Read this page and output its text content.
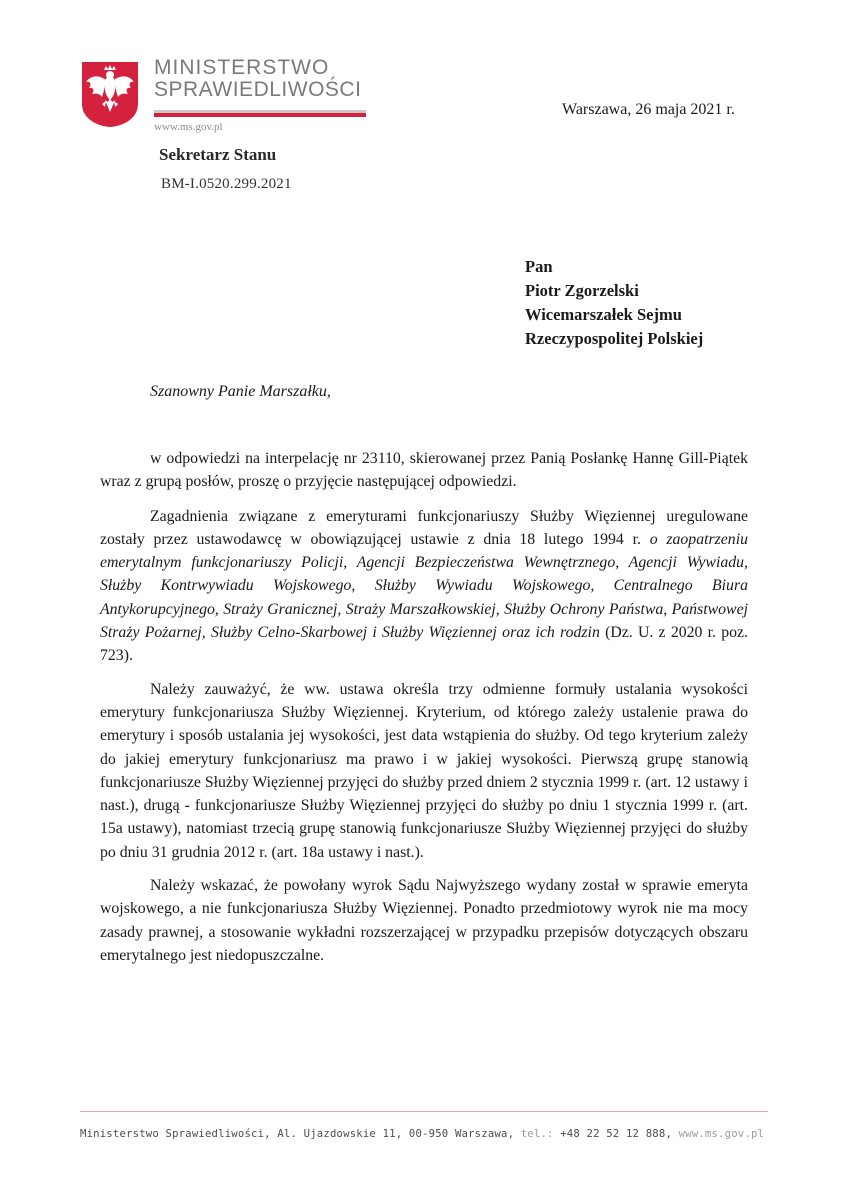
MINISTERSTWO
SPRAWIEDLIWOŚCI
www.ms.gov.pl
Warszawa, 26 maja 2021 r.
Sekretarz Stanu
BM-I.0520.299.2021
Pan
Piotr Zgorzelski
Wicemarszałek Sejmu
Rzeczypospolitej Polskiej
Szanowny Panie Marszałku,

w odpowiedzi na interpelację nr 23110, skierowanej przez Panią Posłankę Hannę Gill-Piątek wraz z grupą posłów, proszę o przyjęcie następującej odpowiedzi.

Zagadnienia związane z emeryturami funkcjonariuszy Służby Więziennej uregulowane zostały przez ustawodawcę w obowiązującej ustawie z dnia 18 lutego 1994 r. o zaopatrzeniu emerytalnym funkcjonariuszy Policji, Agencji Bezpieczeństwa Wewnętrznego, Agencji Wywiadu, Służby Kontrwywiadu Wojskowego, Służby Wywiadu Wojskowego, Centralnego Biura Antykorupcyjnego, Straży Granicznej, Straży Marszałkowskiej, Służby Ochrony Państwa, Państwowej Straży Pożarnej, Służby Celno-Skarbowej i Służby Więziennej oraz ich rodzin (Dz. U. z 2020 r. poz. 723).

Należy zauważyć, że ww. ustawa określa trzy odmienne formuły ustalania wysokości emerytury funkcjonariusza Służby Więziennej. Kryterium, od którego zależy ustalenie prawa do emerytury i sposób ustalania jej wysokości, jest data wstąpienia do służby. Od tego kryterium zależy do jakiej emerytury funkcjonariusz ma prawo i w jakiej wysokości. Pierwszą grupę stanowią funkcjonariusze Służby Więziennej przyjęci do służby przed dniem 2 stycznia 1999 r. (art. 12 ustawy i nast.), drugą - funkcjonariusze Służby Więziennej przyjęci do służby po dniu 1 stycznia 1999 r. (art. 15a ustawy), natomiast trzecią grupę stanowią funkcjonariusze Służby Więziennej przyjęci do służby po dniu 31 grudnia 2012 r. (art. 18a ustawy i nast.).

Należy wskazać, że powołany wyrok Sądu Najwyższego wydany został w sprawie emeryta wojskowego, a nie funkcjonariusza Służby Więziennej. Ponadto przedmiotowy wyrok nie ma mocy zasady prawnej, a stosowanie wykładni rozszerzającej w przypadku przepisów dotyczących obszaru emerytalnego jest niedopuszczalne.

Ministerstwo Sprawiedliwości, Al. Ujazdowskie 11, 00-950 Warszawa, tel.: +48 22 52 12 888, www.ms.gov.pl
